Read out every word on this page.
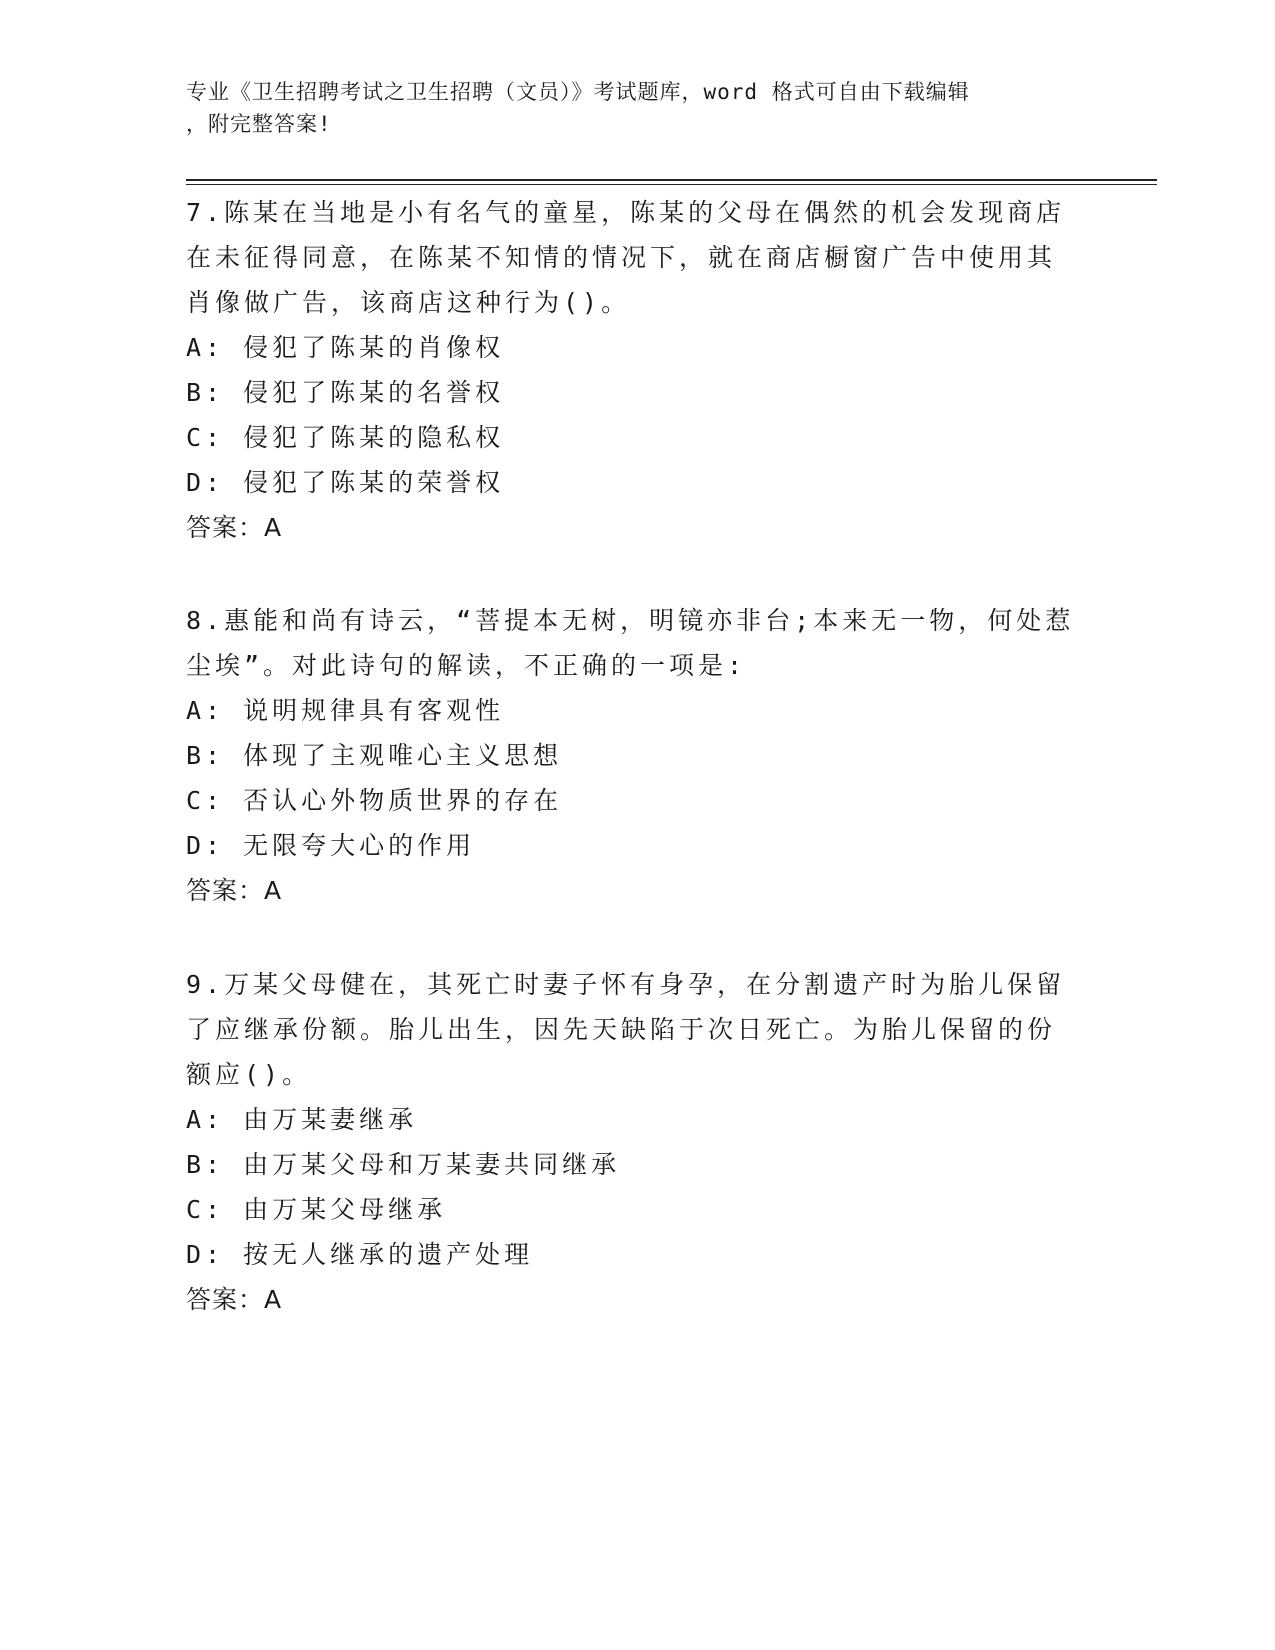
专业《卫生招聘考试之卫生招聘（文员）》考试题库，word 格式可自由下载编辑
，附完整答案!

7.陈某在当地是小有名气的童星，陈某的父母在偶然的机会发现商店

在未征得同意，在陈某不知情的情况下，就在商店橱窗广告中使用其

肖像做广告，该商店这种行为()。

A: 侵犯了陈某的肖像权

B: 侵犯了陈某的名誉权

C: 侵犯了陈某的隐私权

D: 侵犯了陈某的荣誉权

答案：A

8.惠能和尚有诗云，“菩提本无树，明镜亦非台;本来无一物，何处惹

尘埃”。对此诗句的解读，不正确的一项是:

A: 说明规律具有客观性

B: 体现了主观唯心主义思想

C: 否认心外物质世界的存在

D: 无限夸大心的作用

答案：A

9.万某父母健在，其死亡时妻子怀有身孕，在分割遗产时为胎儿保留

了应继承份额。胎儿出生，因先天缺陷于次日死亡。为胎儿保留的份

额应()。

A: 由万某妻继承

B: 由万某父母和万某妻共同继承

C: 由万某父母继承

D: 按无人继承的遗产处理

答案：A
